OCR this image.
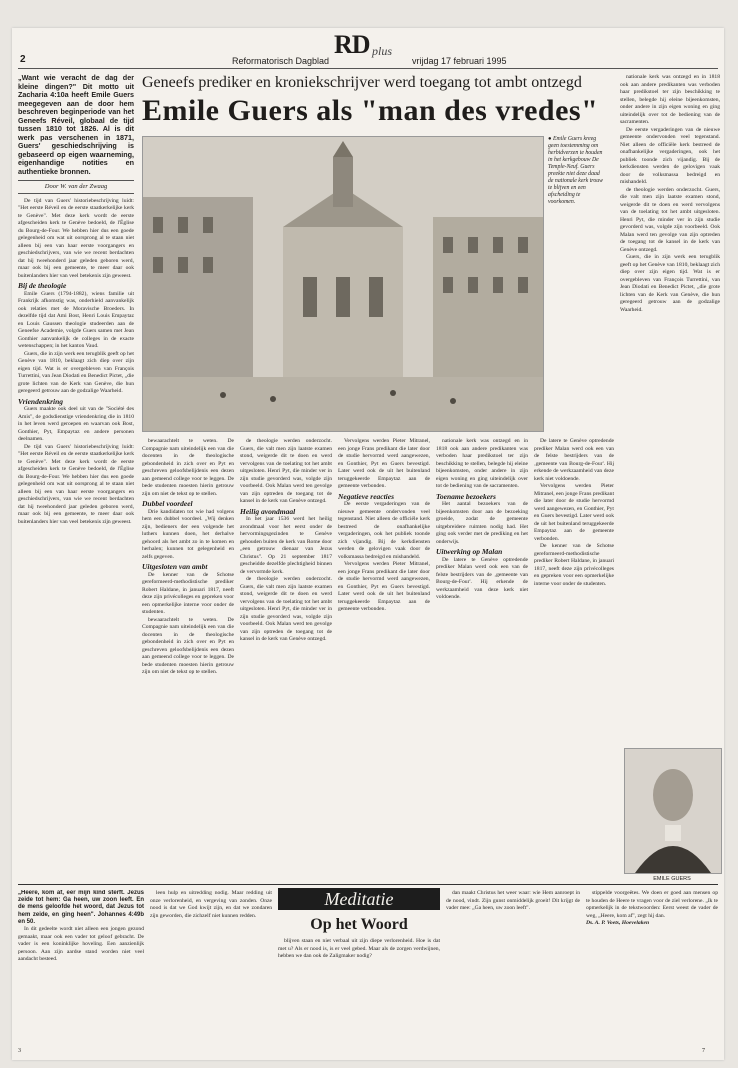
RD plus
2	Reformatorisch Dagblad	vrijdag 17 februari 1995
„Want wie veracht de dag der kleine dingen?" Dit motto uit Zacharia 4:10a heeft Emile Guers meegegeven aan de door hem beschreven beginperiode van het Geneefs Réveil, globaal de tijd tussen 1810 tot 1826. Al is dit werk pas verschenen in 1871, Guers' geschiedschrijving is gebaseerd op eigen waarneming, eigenhandige notities en authentieke bronnen.
Door W. van der Zwaag

De tijd van Guers' historiebeschrijving luidt: "Het eerste Réveil en de eerste staatkerkelijke kerk te Genève". Met deze kerk wordt de eerste afgescheiden kerk te Genève bedoeld, de l'Église du Bourg-de-Four. We hebben hier dus een goede gelegenheid om wat uit oorsprong al te staan niet alleen bij een van haar eerste voorgangers en geschiedschrijvers, van wie we recent berdachten dat hij tweehonderd jaar geleden geboren werd, maar ook bij een gemeente, te meer daar ook buitenlanders hier van veel betekenis zijn geweest.

Bij de theologie

Emile Guers (1794-1882), wiens familie uit Frankrijk afkomstig was, onderhield aanvankelijk ook relaties met de Moravische Broeders. In dezelfde tijd dat Ami Bost, Henri Louis Empaytaz en Louis Gaussen theologie studeerden aan de Geneefse Academie, volgde Guers samen met Jean Gonthier aanvankelijk de colleges in de exacte wetenschappen; in het kanton Vaud.

Guers, die in zijn werk een terugblik geeft op het Genève van 1810, beklaagt zich diep over zijn eigen tijd. Wat is er overgebleven van François Turrettini, van Jean Diodati en Benedict Pictet, „die grote lichten van de Kerk van Genève, die hun geregeerd getrouw aan de godzalige Waarheid.

Vriendenkring

Guers maakte ook deel uit van de "Société des Amis", de godsdienstige vriendenkring die in 1810 in het leven werd geroepen en waarvan ook Bost, Gonthier, Pyt, Empaytaz en andere personen deelnamen.

De tijd van Guers' historiebeschrijving luidt: "Het eerste Réveil en de eerste staatkerkelijke kerk te Genève". Met deze kerk wordt de eerste afgescheiden kerk te Genève bedoeld, de l'Église du Bourg-de-Four. We hebben hier dus een goede gelegenheid om wat uit oorsprong al te staan niet alleen bij een van haar eerste voorgangers en geschiedschrijvers, van wie we recent berdachten dat hij tweehonderd jaar geleden geboren werd, maar ook bij een gemeente, te meer daar ook buitenlanders hier van veel betekenis zijn geweest.

Geneefs prediker en kroniekschrijver werd toegang tot ambt ontzegd
Emile Guers als "man des vredes"
● Emile Guers kreeg geen toestemming om herbidverzen te houden in het kerkgebouw De Temple-Neuf. Guers preekte niet deze daad de nationale kerk trouw te blijven en een afscheiding te voorkomen.

nationale kerk was ontzegd en in 1818 ook aan andere predikanten was verboden haar predikstoel ter zijn beschikking te stellen, belegde hij eleine bijeenkomsten, onder andere in zijn eigen woning en ging uiteindelijk over tot de bediening van de sacramenten.

De eerste vergaderingen van de nieuwe gemeente ondervonden veel tegenstand. Niet alleen de officiële kerk bestreed de onafhankelijke vergaderingen, ook het publiek toonde zich vijandig. Bij de kerkdiensten werden de gelovigen vaak door de volksmassa bedreigd en mishandeld.

de theologie werden onderzocht. Guers, die valt men zijn laatste examen stond, weigerde dit te doen en werd vervolgens van de toelating tot het ambt uitgesloten. Henri Pyt, die minder ver in zijn studie gevorderd was, volgde zijn voorbeeld. Ook Malan werd ten gevolge van zijn optreden de toegang tot de kansel in de kerk van Genève ontzegd.

Guers, die in zijn werk een terugblik geeft op het Genève van 1810, beklaagt zich diep over zijn eigen tijd. Wat is er overgebleven van François Turrettini, van Jean Diodati en Benedict Pictet, „die grote lichten van de Kerk van Genève, die hun geregeerd getrouw aan de godzalige Waarheid.

bewaarachtelt te weten. De Compagnie nam uiteindelijk een van die docenten in de theologische gebondenheid in zich over en Pyt en geschreven geloofsbelijdenis een dezen aan gemeend college voor te leggen. De bede studenten moesten hierin getrouw zijn om niet de tekst op te stellen.

Dubbel voordeel

Drie kandidaten tot wie had volgens hem een dubbel voordeel. „Wij denken zijn, bedieners der een volgende het luthers kunnen doen, het derhalve gehoord als het ambt zo in te komen en herhalen; kunnen tot gelegenheid en zelfs gegeven.

Uitgesloten van ambt

De kenner van de Schotse gereformeerd-methodistische prediker Robert Haldane, in januari 1817, neeft deze zijn privécolleges en gepreken voor een opmerkelijke interne voor onder de studenten.

bewaarachtelt te weten. De Compagnie nam uiteindelijk een van die docenten in de theologische gebondenheid in zich over en Pyt en geschreven geloofsbelijdenis een dezen aan gemeend college voor te leggen. De bede studenten moesten hierin getrouw zijn om niet de tekst op te stellen.

de theologie werden onderzocht. Guers, die valt men zijn laatste examen stond, weigerde dit te doen en werd vervolgens van de toelating tot het ambt uitgesloten. Henri Pyt, die minder ver in zijn studie gevorderd was, volgde zijn voorbeeld. Ook Malan werd ten gevolge van zijn optreden de toegang tot de kansel in de kerk van Genève ontzegd.

Heilig avondmaal

In het jaar 1536 werd het heilig avondmaal voor het eerst onder de hervormingsgezinden te Genève gehouden buiten de kerk van Rome door „een getrouw dienaar van Jezus Christus". Op 21 september 1817 gescheidde dezelfde plechtigheid binnen de vervormde kerk.

de theologie werden onderzocht. Guers, die valt men zijn laatste examen stond, weigerde dit te doen en werd vervolgens van de toelating tot het ambt uitgesloten. Henri Pyt, die minder ver in zijn studie gevorderd was, volgde zijn voorbeeld. Ook Malan werd ten gevolge van zijn optreden de toegang tot de kansel in de kerk van Genève ontzegd.

Vervolgens werden Pieter Mitranel, een jonge Frans predikant die later door de studie hervormd werd aangewezen, en Gonthier, Pyt en Guers bevestigd. Later werd ook de uit het buitenland teruggekeerde Empaytaz aan de gemeente verbonden.

Negatieve reacties

De eerste vergaderingen van de nieuwe gemeente ondervonden veel tegenstand. Niet alleen de officiële kerk bestreed de onafhankelijke vergaderingen, ook het publiek toonde zich vijandig. Bij de kerkdiensten werden de gelovigen vaak door de volksmassa bedreigd en mishandeld.

Vervolgens werden Pieter Mitranel, een jonge Frans predikant die later door de studie hervormd werd aangewezen, en Gonthier, Pyt en Guers bevestigd. Later werd ook de uit het buitenland teruggekeerde Empaytaz aan de gemeente verbonden.

nationale kerk was ontzegd en in 1818 ook aan andere predikanten was verboden haar predikstoel ter zijn beschikking te stellen, belegde hij eleine bijeenkomsten, onder andere in zijn eigen woning en ging uiteindelijk over tot de bediening van de sacramenten.

Toename bezoekers

Het aantal bezoekers van de bijeenkomsten door aan de bezoeking groeide, zodat de gemeente uitgebreidere ruimten nodig had. Het ging ook verder met de prediking en het onderwijs.

Uitwerking op Malan

De latere te Genève optredende prediker Malan werd ook een van de felste bestrijders van de ‚gemeente van Bourg-de-Four'. Hij erkende de werkzaamheid van deze kerk niet voldoende.

De latere te Genève optredende prediker Malan werd ook een van de felste bestrijders van de ‚gemeente van Bourg-de-Four'. Hij erkende de werkzaamheid van deze kerk niet voldoende.

Vervolgens werden Pieter Mitranel, een jonge Frans predikant die later door de studie hervormd werd aangewezen, en Gonthier, Pyt en Guers bevestigd. Later werd ook de uit het buitenland teruggekeerde Empaytaz aan de gemeente verbonden.

De kenner van de Schotse gereformeerd-methodistische prediker Robert Haldane, in januari 1817, neeft deze zijn privécolleges en gepreken voor een opmerkelijke interne voor onder de studenten.

EMILE GUERS
„Heere, kom af, eer mijn kind sterft. Jezus zeide tot hem: Ga heen, uw zoon leeft. En de mens geloofde het woord, dat Jezus tot hem zeide, en ging heen". Johannes 4:49b en 50.

In dit gedeelte wordt niet alleen een jongen gezond gemaakt, maar ook een vader tot geloof gebracht. De vader is een koninklijke hoveling. Een aanzienlijk persoon. Aan zijn aardse stand worden niet veel aandacht besteed.

leen hulp en uitredding nodig. Maar redding uit onze verlorenheid, en vergeving van zonden. Onze nood is dat we God kwijt zijn, en dat we zondaren zijn geworden, die zichzelf niet kunnen redden.

Meditatie
Op het Woord

blijven staan en niet verbaal uit zijn diepe verlorenheid. Hoe is dat met u? Als er nood is, is er veel gebed. Maar als de zorgen verdwijnen, hebben we dan ook de Zaligmaker nodig?

dan maakt Christus het weer waar: wie Hem aanroept in de nood, vindt. Zijn gunst onmiddelijk groeit! Dit krijgt de vader mee: „Ga heen, uw zoon leeft".

stippelde voorgeëtes. We doen er goed aan mensen op te houden de Heere te vragen voor de ziel verlorene. „Ik te opmerkelijk in de tekstwoorden: Eerst weest de vader de weg, „Heere, kom af", zegt hij dan.

Ds. A. P. Voets, Hoevelaken

3	7
